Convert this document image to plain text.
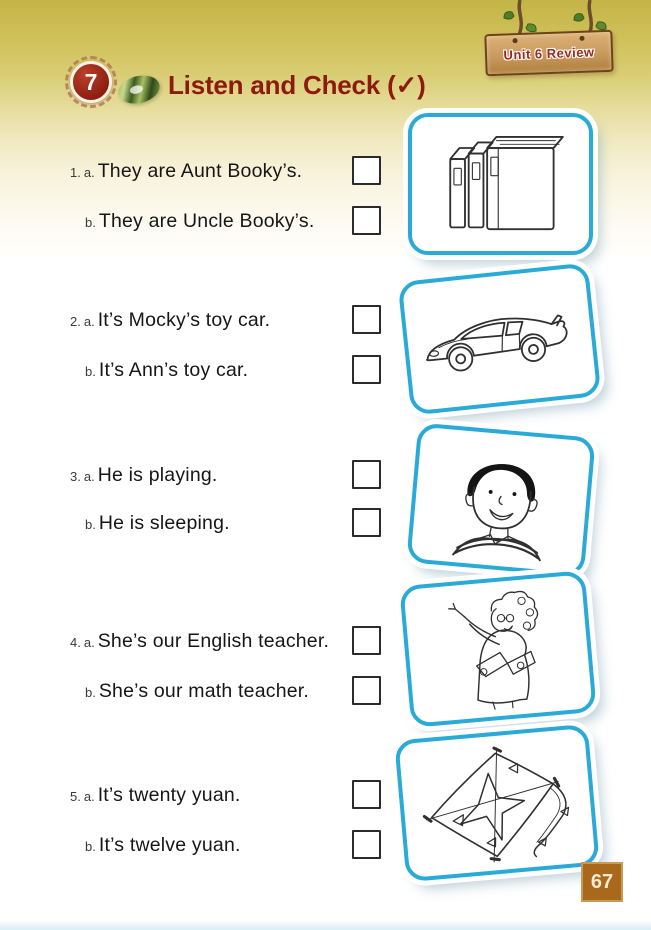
Unit 6 Review
7	Listen and Check (✓)
1. a. They are Aunt Booky’s.
b. They are Uncle Booky’s.
2. a. It’s Mocky’s toy car.
b. It’s Ann’s toy car.
3. a. He is playing.
b. He is sleeping.
4. a. She’s our English teacher.
b. She’s our math teacher.
5. a. It’s twenty yuan.
b. It’s twelve yuan.
67
